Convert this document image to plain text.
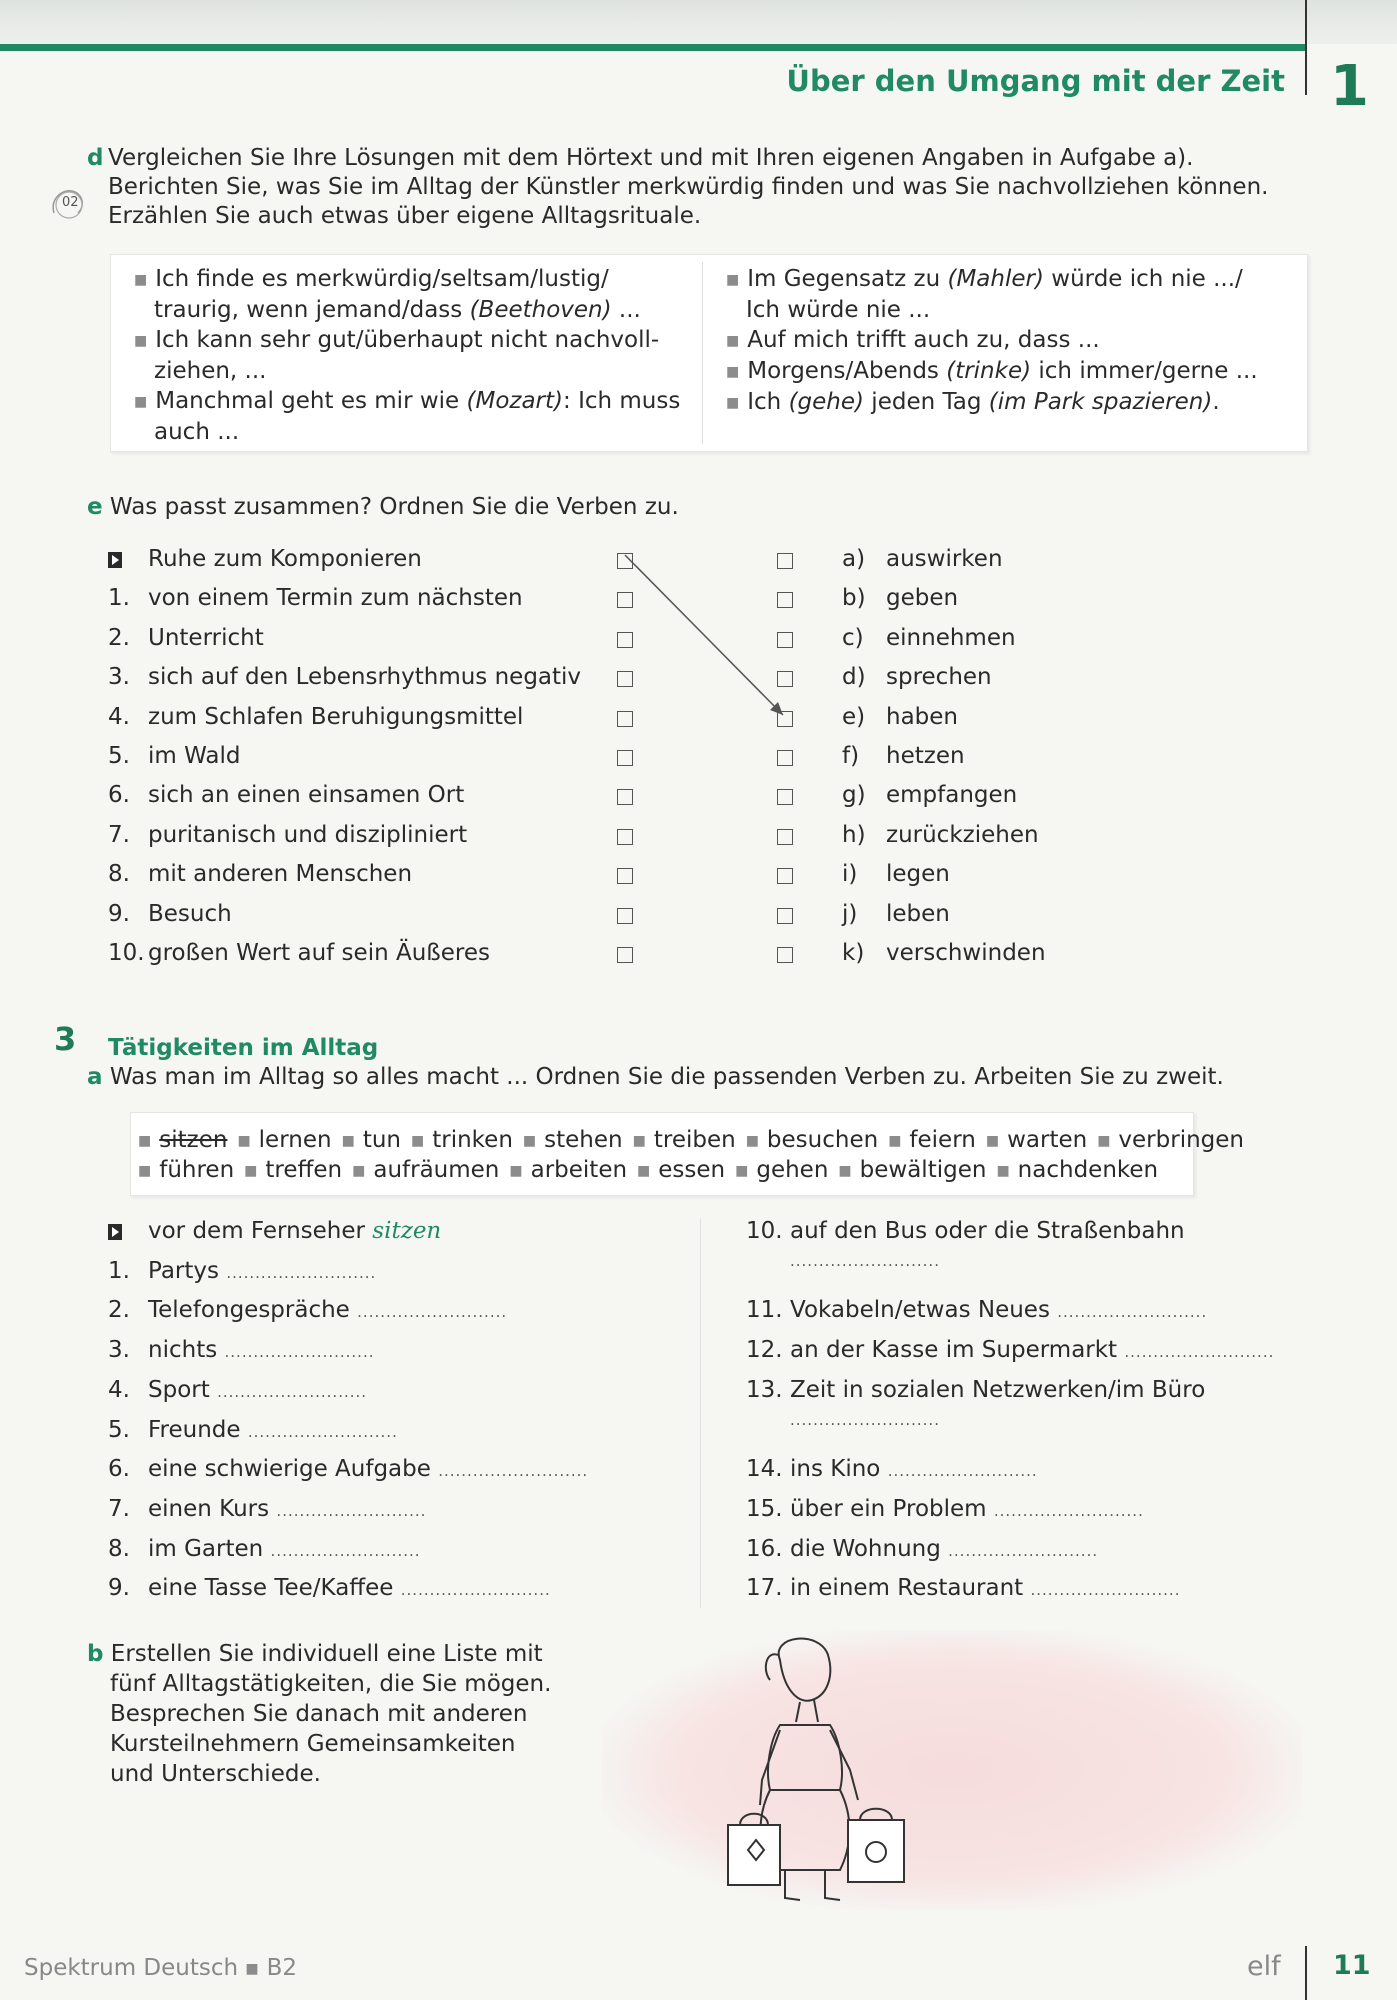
Über den Umgang mit der Zeit 1
d
02
Vergleichen Sie Ihre Lösungen mit dem Hörtext und mit Ihren eigenen Angaben in Aufgabe a).
Berichten Sie, was Sie im Alltag der Künstler merkwürdig finden und was Sie nachvollziehen können.
Erzählen Sie auch etwas über eigene Alltagsrituale.
■ Ich finde es merkwürdig/seltsam/lustig/
traurig, wenn jemand/dass (Beethoven) ...
■ Ich kann sehr gut/überhaupt nicht nachvoll-
ziehen, ...
■ Manchmal geht es mir wie (Mozart): Ich muss
auch ...
■ Im Gegensatz zu (Mahler) würde ich nie .../
Ich würde nie ...
■ Auf mich trifft auch zu, dass ...
■ Morgens/Abends (trinke) ich immer/gerne ...
■ Ich (gehe) jeden Tag (im Park spazieren).
e Was passt zusammen? Ordnen Sie die Verben zu.
Ruhe zum Komponieren
1. von einem Termin zum nächsten
2. Unterricht
3. sich auf den Lebensrhythmus negativ
4. zum Schlafen Beruhigungsmittel
5. im Wald
6. sich an einen einsamen Ort
7. puritanisch und diszipliniert
8. mit anderen Menschen
9. Besuch
10. großen Wert auf sein Äußeres
a) auswirken
b) geben
c) einnehmen
d) sprechen
e) haben
f) hetzen
g) empfangen
h) zurückziehen
i) legen
j) leben
k) verschwinden
3 Tätigkeiten im Alltag
a Was man im Alltag so alles macht ... Ordnen Sie die passenden Verben zu. Arbeiten Sie zu zweit.
■ sitzen ■ lernen ■ tun ■ trinken ■ stehen ■ treiben ■ besuchen ■ feiern ■ warten ■ verbringen
■ führen ■ treffen ■ aufräumen ■ arbeiten ■ essen ■ gehen ■ bewältigen ■ nachdenken
vor dem Fernseher sitzen
1. Partys ..........................
2. Telefongespräche ..........................
3. nichts ..........................
4. Sport ..........................
5. Freunde ..........................
6. eine schwierige Aufgabe ..........................
7. einen Kurs ..........................
8. im Garten ..........................
9. eine Tasse Tee/Kaffee ..........................
10. auf den Bus oder die Straßenbahn
..........................
11. Vokabeln/etwas Neues ..........................
12. an der Kasse im Supermarkt ..........................
13. Zeit in sozialen Netzwerken/im Büro
..........................
14. ins Kino ..........................
15. über ein Problem ..........................
16. die Wohnung ..........................
17. in einem Restaurant ..........................
b Erstellen Sie individuell eine Liste mit
fünf Alltagstätigkeiten, die Sie mögen.
Besprechen Sie danach mit anderen
Kursteilnehmern Gemeinsamkeiten
und Unterschiede.
Spektrum Deutsch ■ B2	elf 11
